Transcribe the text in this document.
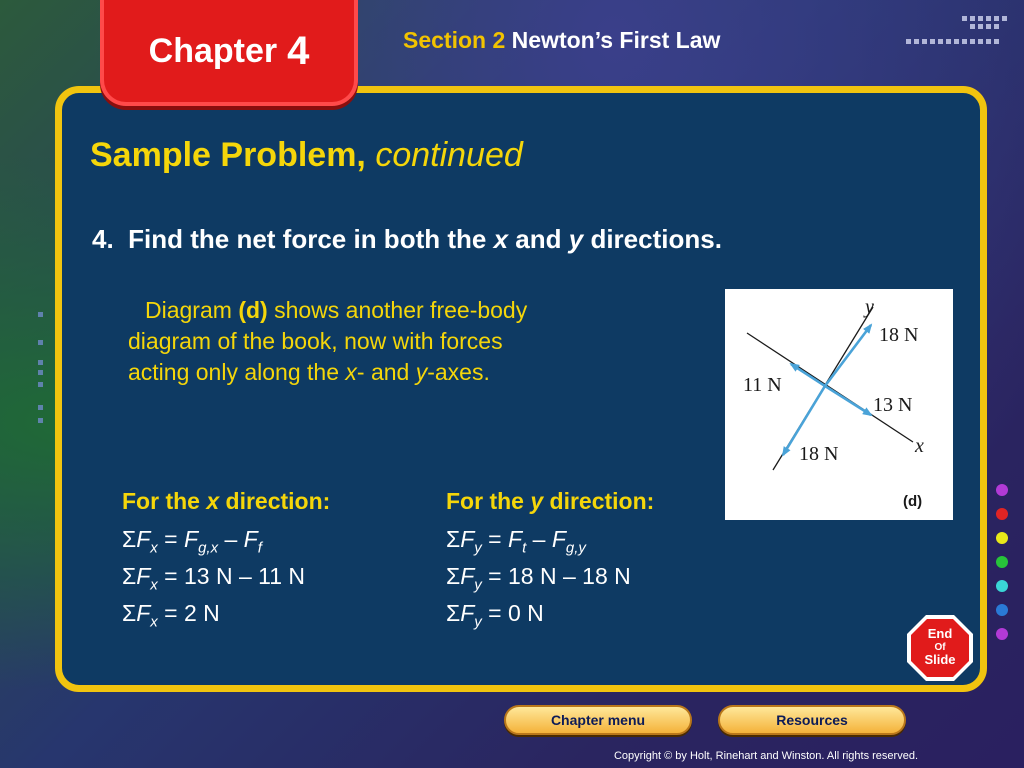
Chapter 4	Section 2 Newton’s First Law
Sample Problem, continued
4. Find the net force in both the x and y directions.
Diagram (d) shows another free-body
diagram of the book, now with forces
acting only along the x- and y-axes.
y
18 N
11 N
13 N
x
18 N
(d)
For the x direction:
$\Sigma F_x = F_{g,x} - F_f$
$\Sigma F_x = 13$ N – 11 N
$\Sigma F_x = 2$ N
For the y direction:
$\Sigma F_y = F_t - F_{g,y}$
$\Sigma F_y = 18$ N – 18 N
$\Sigma F_y = 0$ N
End
Of
Slide
Chapter menu	Resources
Copyright © by Holt, Rinehart and Winston. All rights reserved.
